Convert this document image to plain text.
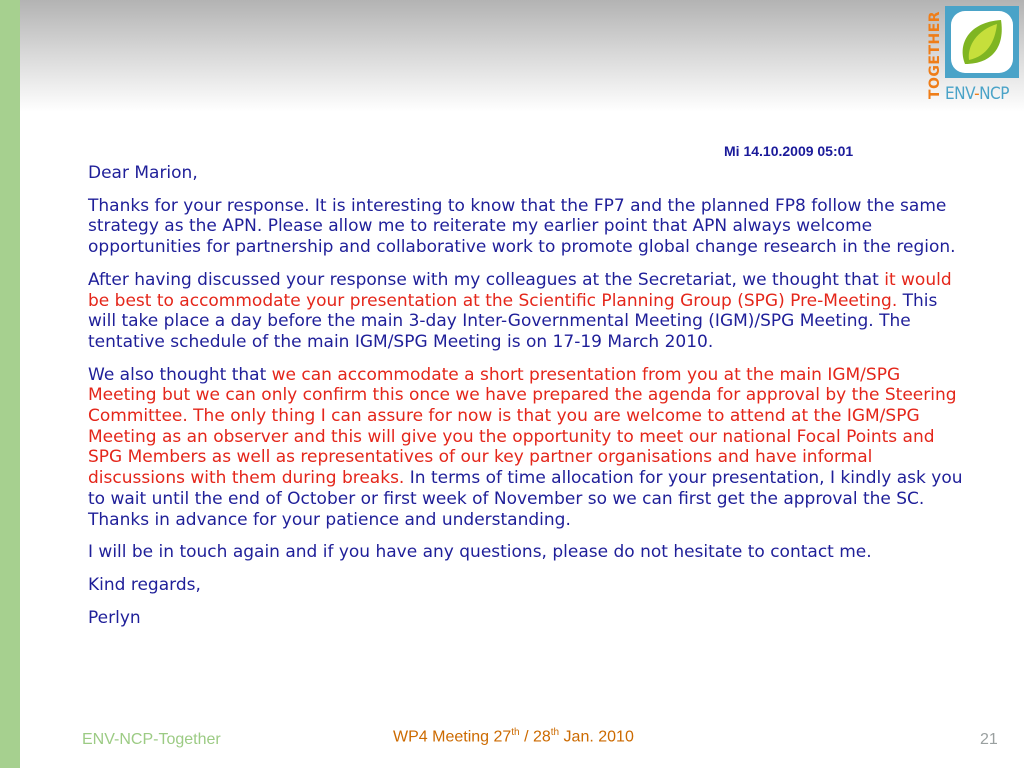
TOGETHER ENV-NCP
Mi 14.10.2009 05:01

Dear Marion,

Thanks for your response. It is interesting to know that the FP7 and the planned FP8 follow the same strategy as the APN. Please allow me to reiterate my earlier point that APN always welcome opportunities for partnership and collaborative work to promote global change research in the region.

After having discussed your response with my colleagues at the Secretariat, we thought that it would be best to accommodate your presentation at the Scientific Planning Group (SPG) Pre-Meeting. This will take place a day before the main 3-day Inter-Governmental Meeting (IGM)/SPG Meeting. The tentative schedule of the main IGM/SPG Meeting is on 17-19 March 2010.

We also thought that we can accommodate a short presentation from you at the main IGM/SPG Meeting but we can only confirm this once we have prepared the agenda for approval by the Steering Committee. The only thing I can assure for now is that you are welcome to attend at the IGM/SPG Meeting as an observer and this will give you the opportunity to meet our national Focal Points and SPG Members as well as representatives of our key partner organisations and have informal discussions with them during breaks. In terms of time allocation for your presentation, I kindly ask you to wait until the end of October or first week of November so we can first get the approval the SC. Thanks in advance for your patience and understanding.

I will be in touch again and if you have any questions, please do not hesitate to contact me.

Kind regards,

Perlyn

ENV-NCP-Together	WP4 Meeting 27th / 28th Jan. 2010	21
